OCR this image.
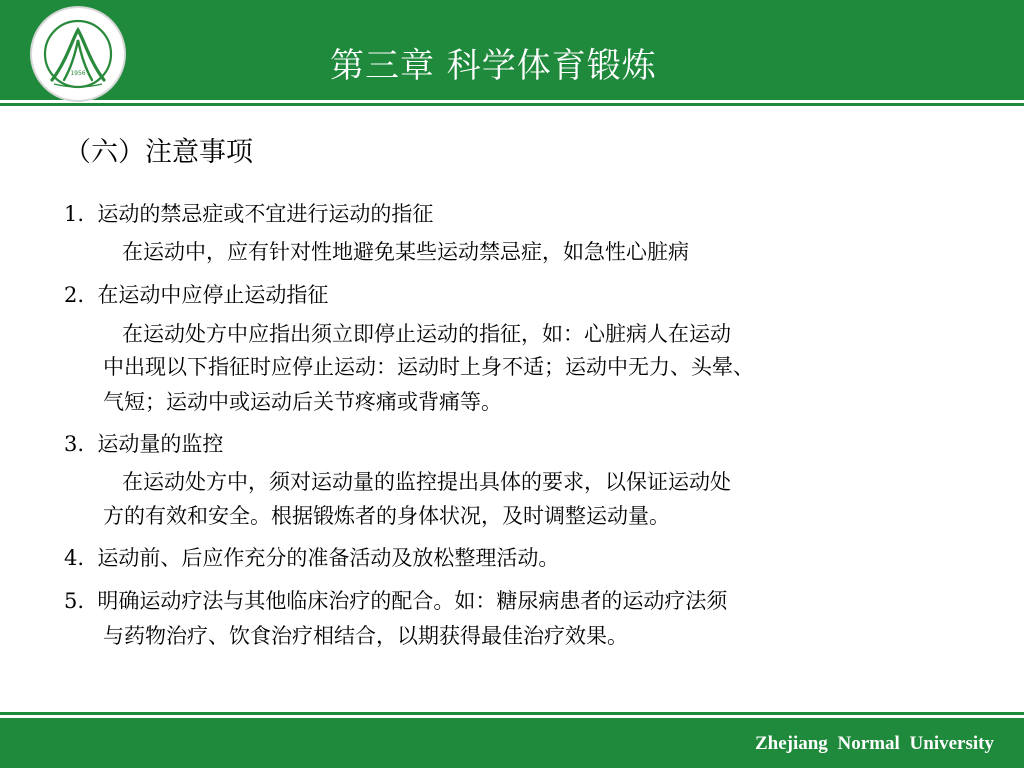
1956	第三章 科学体育锻炼
（六）注意事项
1. 运动的禁忌症或不宜进行运动的指征
在运动中，应有针对性地避免某些运动禁忌症，如急性心脏病
2. 在运动中应停止运动指征
在运动处方中应指出须立即停止运动的指征，如：心脏病人在运动
中出现以下指征时应停止运动：运动时上身不适；运动中无力、头晕、
气短；运动中或运动后关节疼痛或背痛等。
3. 运动量的监控
在运动处方中，须对运动量的监控提出具体的要求，以保证运动处
方的有效和安全。根据锻炼者的身体状况，及时调整运动量。
4. 运动前、后应作充分的准备活动及放松整理活动。
5. 明确运动疗法与其他临床治疗的配合。如：糖尿病患者的运动疗法须
与药物治疗、饮食治疗相结合，以期获得最佳治疗效果。
Zhejiang Normal University
